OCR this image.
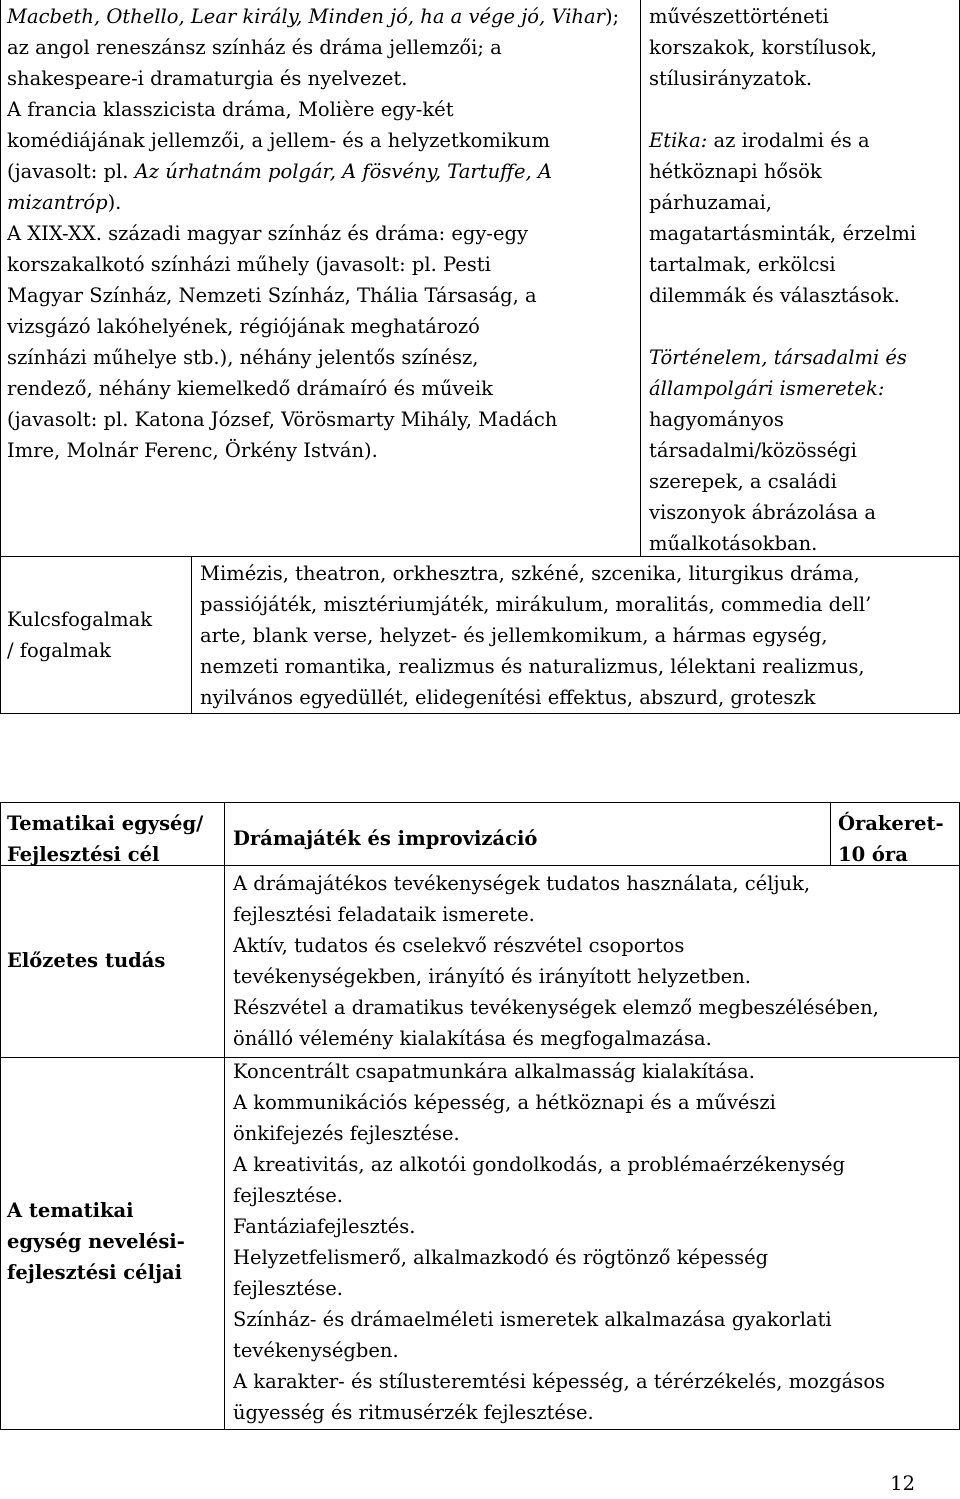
Macbeth, Othello, Lear király, Minden jó, ha a vége jó, Vihar);

az angol reneszánsz színház és dráma jellemzői; a

shakespeare-i dramaturgia és nyelvezet.

A francia klasszicista dráma, Molière egy-két

komédiájának jellemzői, a jellem- és a helyzetkomikum

(javasolt: pl. Az úrhatnám polgár, A fösvény, Tartuffe, A

mizantróp).

A XIX-XX. századi magyar színház és dráma: egy-egy

korszakalkotó színházi műhely (javasolt: pl. Pesti

Magyar Színház, Nemzeti Színház, Thália Társaság, a

vizsgázó lakóhelyének, régiójának meghatározó

színházi műhelye stb.), néhány jelentős színész,

rendező, néhány kiemelkedő drámaíró és műveik

(javasolt: pl. Katona József, Vörösmarty Mihály, Madách

Imre, Molnár Ferenc, Örkény István).

művészettörténeti

korszakok, korstílusok,

stílusirányzatok.

Etika: az irodalmi és a

hétköznapi hősök

párhuzamai,

magatartásminták, érzelmi

tartalmak, erkölcsi

dilemmák és választások.

Történelem, társadalmi és

állampolgári ismeretek:

hagyományos

társadalmi/közösségi

szerepek, a családi

viszonyok ábrázolása a

műalkotásokban.

Kulcsfogalmak

/ fogalmak

Mimézis, theatron, orkhesztra, szkéné, szcenika, liturgikus dráma,

passiójáték, misztériumjáték, mirákulum, moralitás, commedia dell’

arte, blank verse, helyzet- és jellemkomikum, a hármas egység,

nemzeti romantika, realizmus és naturalizmus, lélektani realizmus,

nyilvános egyedüllét, elidegenítési effektus, abszurd, groteszk

Tematikai egység/

Fejlesztési cél

Drámajáték és improvizáció

Órakeret-

10 óra

Előzetes tudás

A drámajátékos tevékenységek tudatos használata, céljuk,

fejlesztési feladataik ismerete.

Aktív, tudatos és cselekvő részvétel csoportos

tevékenységekben, irányító és irányított helyzetben.

Részvétel a dramatikus tevékenységek elemző megbeszélésében,

önálló vélemény kialakítása és megfogalmazása.

A tematikai

egység nevelési-

fejlesztési céljai

Koncentrált csapatmunkára alkalmasság kialakítása.

A kommunikációs képesség, a hétköznapi és a művészi

önkifejezés fejlesztése.

A kreativitás, az alkotói gondolkodás, a problémaérzékenység

fejlesztése.

Fantáziafejlesztés.

Helyzetfelismerő, alkalmazkodó és rögtönző képesség

fejlesztése.

Színház- és drámaelméleti ismeretek alkalmazása gyakorlati

tevékenységben.

A karakter- és stílusteremtési képesség, a térérzékelés, mozgásos

ügyesség és ritmusérzék fejlesztése.

12
